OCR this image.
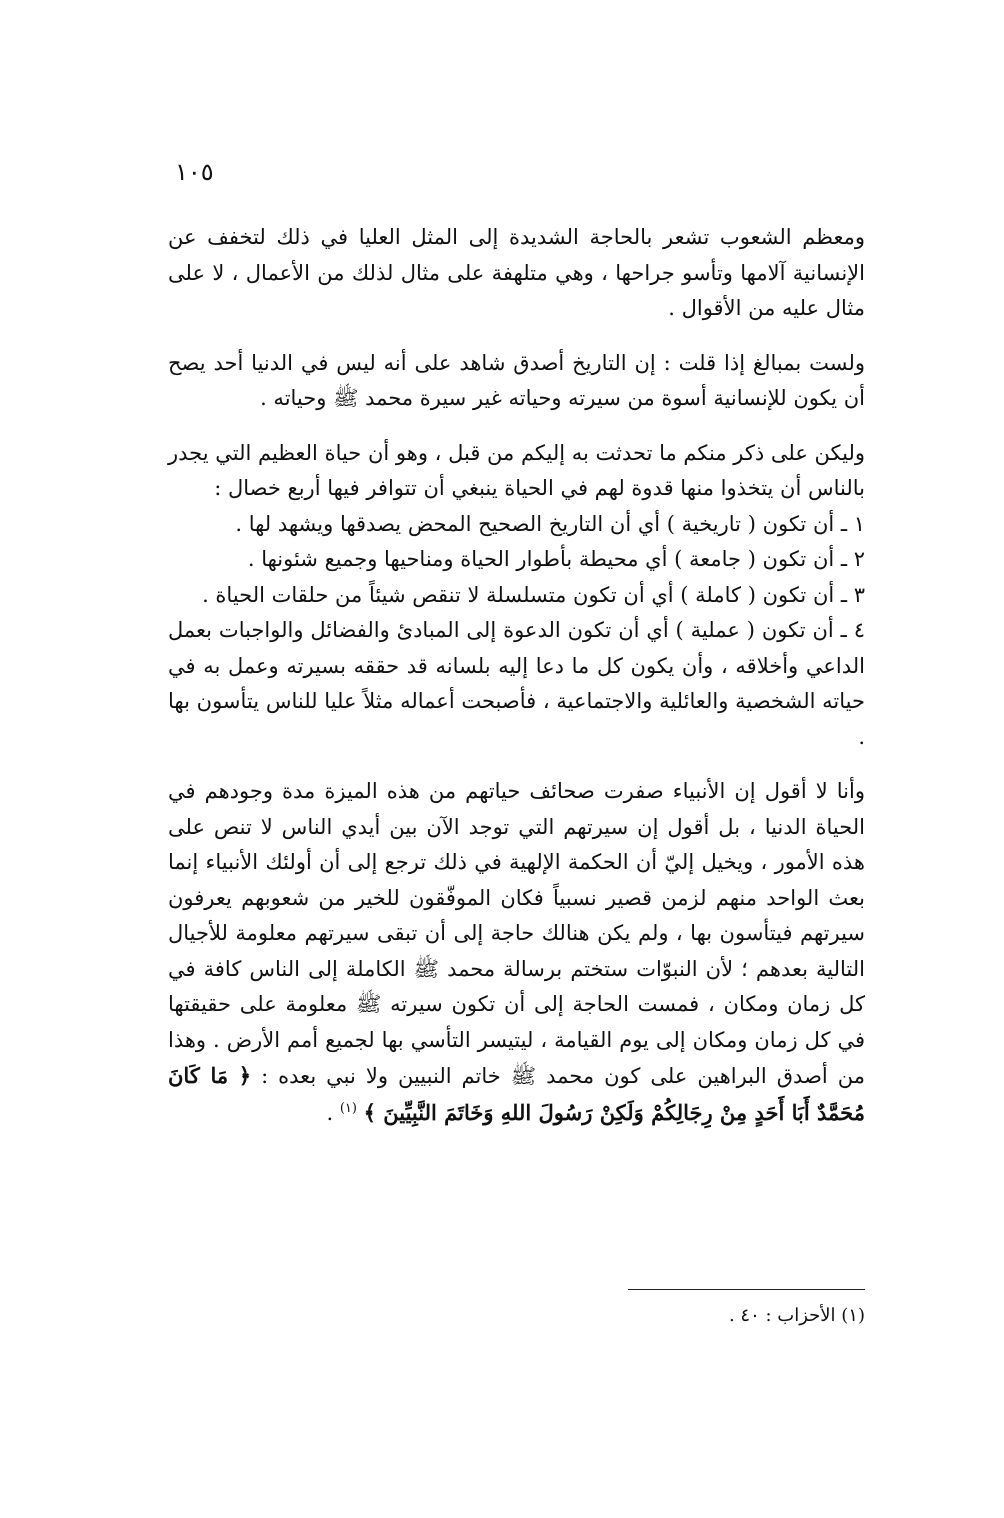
١٠٥

ومعظم الشعوب تشعر بالحاجة الشديدة إلى المثل العليا في ذلك لتخفف عن الإنسانية آلامها وتأسو جراحها ، وهي متلهفة على مثال لذلك من الأعمال ، لا على مثال عليه من الأقوال .

ولست بمبالغ إذا قلت : إن التاريخ أصدق شاهد على أنه ليس في الدنيا أحد يصح أن يكون للإنسانية أسوة من سيرته وحياته غير سيرة محمد ﷺ وحياته .

وليكن على ذكر منكم ما تحدثت به إليكم من قبل ، وهو أن حياة العظيم التي يجدر بالناس أن يتخذوا منها قدوة لهم في الحياة ينبغي أن تتوافر فيها أربع خصال :

١ ـ أن تكون ( تاريخية ) أي أن التاريخ الصحيح المحض يصدقها ويشهد لها .

٢ ـ أن تكون ( جامعة ) أي محيطة بأطوار الحياة ومناحيها وجميع شئونها .

٣ ـ أن تكون ( كاملة ) أي أن تكون متسلسلة لا تنقص شيئاً من حلقات الحياة .

٤ ـ أن تكون ( عملية ) أي أن تكون الدعوة إلى المبادئ والفضائل والواجبات بعمل الداعي وأخلاقه ، وأن يكون كل ما دعا إليه بلسانه قد حققه بسيرته وعمل به في حياته الشخصية والعائلية والاجتماعية ، فأصبحت أعماله مثلاً عليا للناس يتأسون بها .

وأنا لا أقول إن الأنبياء صفرت صحائف حياتهم من هذه الميزة مدة وجودهم في الحياة الدنيا ، بل أقول إن سيرتهم التي توجد الآن بين أيدي الناس لا تنص على هذه الأمور ، ويخيل إليّ أن الحكمة الإلهية في ذلك ترجع إلى أن أولئك الأنبياء إنما بعث الواحد منهم لزمن قصير نسبياً فكان الموفّقون للخير من شعوبهم يعرفون سيرتهم فيتأسون بها ، ولم يكن هنالك حاجة إلى أن تبقى سيرتهم معلومة للأجيال التالية بعدهم ؛ لأن النبوّات ستختم برسالة محمد ﷺ الكاملة إلى الناس كافة في كل زمان ومكان ، فمست الحاجة إلى أن تكون سيرته ﷺ معلومة على حقيقتها في كل زمان ومكان إلى يوم القيامة ، ليتيسر التأسي بها لجميع أمم الأرض . وهذا من أصدق البراهين على كون محمد ﷺ خاتم النبيين ولا نبي بعده : ﴿ مَا كَانَ مُحَمَّدٌ أَبَا أَحَدٍ مِنْ رِجَالِكُمْ وَلَكِنْ رَسُولَ اللهِ وَخَاتَمَ النَّبِيِّينَ ﴾ $^{(١)}$ .

(١) الأحزاب : ٤٠ .
